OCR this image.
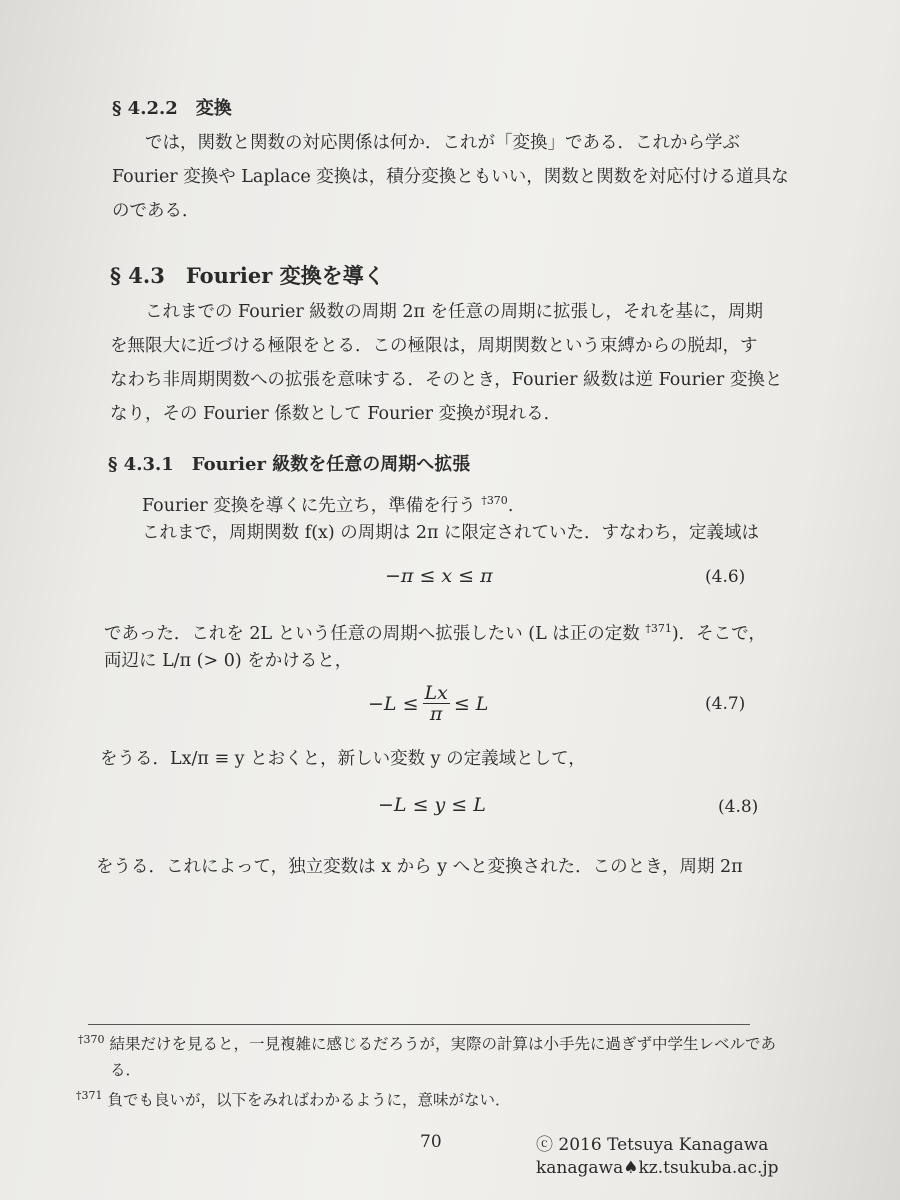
§ 4.2.2　変換
では，関数と関数の対応関係は何か．これが「変換」である．これから学ぶ
Fourier 変換や Laplace 変換は，積分変換ともいい，関数と関数を対応付ける道具な
のである．
§ 4.3　Fourier 変換を導く
これまでの Fourier 級数の周期 2π を任意の周期に拡張し，それを基に，周期
を無限大に近づける極限をとる．この極限は，周期関数という束縛からの脱却，す
なわち非周期関数への拡張を意味する．そのとき，Fourier 級数は逆 Fourier 変換と
なり，その Fourier 係数として Fourier 変換が現れる．
§ 4.3.1　Fourier 級数を任意の周期へ拡張
Fourier 変換を導くに先立ち，準備を行う $^{\dagger 370}$.
これまで，周期関数 f(x) の周期は 2π に限定されていた．すなわち，定義域は
−π ≤ x ≤ π	(4.6)
であった．これを 2L という任意の周期へ拡張したい (L は正の定数 $^{\dagger 371}$)．そこで，
両辺に L/π (> 0) をかけると，
$-L \le \frac{Lx}{\pi} \le L$	(4.7)
をうる．Lx/π ≡ y とおくと，新しい変数 y の定義域として，
−L ≤ y ≤ L	(4.8)
をうる．これによって，独立変数は x から y へと変換された．このとき，周期 2π
$^{\dagger 370}$ 結果だけを見ると，一見複雑に感じるだろうが，実際の計算は小手先に過ぎず中学生レベルであ
る．
$^{\dagger 371}$ 負でも良いが，以下をみればわかるように，意味がない．
70	ⓒ 2016 Tetsuya Kanagawa
kanagawa♠kz.tsukuba.ac.jp
